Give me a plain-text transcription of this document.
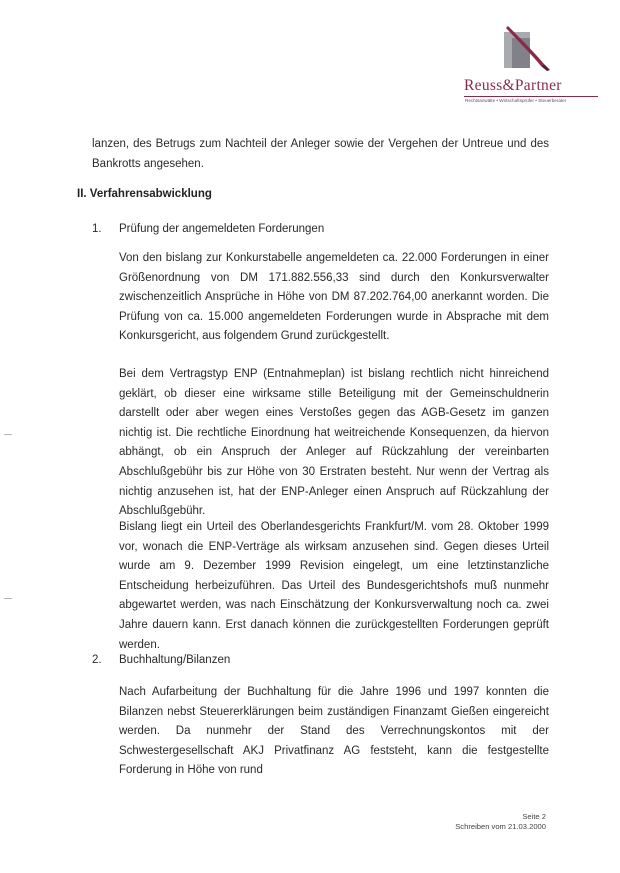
Reuss&Partner
Rechtsanwälte • Wirtschaftsprüfer • Steuerberater
lanzen, des Betrugs zum Nachteil der Anleger sowie der Vergehen der Untreue und des Bankrotts angesehen.
II. Verfahrensabwicklung
1. Prüfung der angemeldeten Forderungen
Von den bislang zur Konkurstabelle angemeldeten ca. 22.000 Forderungen in einer Größenordnung von DM 171.882.556,33 sind durch den Konkursverwalter zwischenzeitlich Ansprüche in Höhe von DM 87.202.764,00 anerkannt worden. Die Prüfung von ca. 15.000 angemeldeten Forderungen wurde in Absprache mit dem Konkursgericht, aus folgendem Grund zurückgestellt.
Bei dem Vertragstyp ENP (Entnahmeplan) ist bislang rechtlich nicht hinreichend geklärt, ob dieser eine wirksame stille Beteiligung mit der Gemeinschuldnerin darstellt oder aber wegen eines Verstoßes gegen das AGB-Gesetz im ganzen nichtig ist. Die rechtliche Einordnung hat weitreichende Konsequenzen, da hiervon abhängt, ob ein Anspruch der Anleger auf Rückzahlung der vereinbarten Abschlußgebühr bis zur Höhe von 30 Erstraten besteht. Nur wenn der Vertrag als nichtig anzusehen ist, hat der ENP-Anleger einen Anspruch auf Rückzahlung der Abschlußgebühr.
Bislang liegt ein Urteil des Oberlandesgerichts Frankfurt/M. vom 28. Oktober 1999 vor, wonach die ENP-Verträge als wirksam anzusehen sind. Gegen dieses Urteil wurde am 9. Dezember 1999 Revision eingelegt, um eine letztinstanzliche Entscheidung herbeizuführen. Das Urteil des Bundesgerichtshofs muß nunmehr abgewartet werden, was nach Einschätzung der Konkursverwaltung noch ca. zwei Jahre dauern kann. Erst danach können die zurückgestellten Forderungen geprüft werden.
2. Buchhaltung/Bilanzen
Nach Aufarbeitung der Buchhaltung für die Jahre 1996 und 1997 konnten die Bilanzen nebst Steuererklärungen beim zuständigen Finanzamt Gießen eingereicht werden. Da nunmehr der Stand des Verrechnungskontos mit der Schwestergesellschaft AKJ Privatfinanz AG feststeht, kann die festgestellte Forderung in Höhe von rund
Seite 2
Schreiben vom 21.03.2000
